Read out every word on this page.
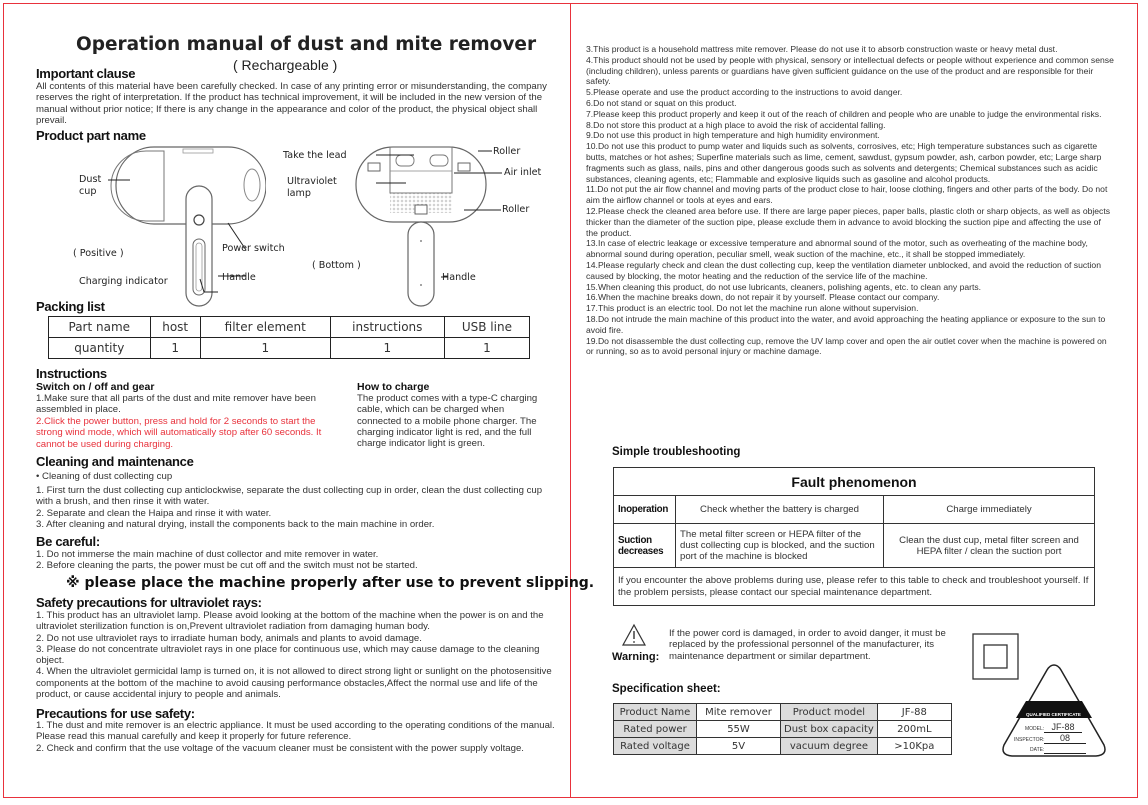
Operation manual of dust and mite remover
( Rechargeable )
Important clause
All contents of this material have been carefully checked. In case of any printing error or misunderstanding, the company reserves the right of interpretation. If the product has technical improvement, it will be included in the new version of the manual without prior notice; If there is any change in the appearance and color of the product, the physical object shall prevail.
Product part name
Dust
cup
Power switch
Handle
Charging indicator
( Positive )
Take the lead	Roller
Air inlet
Ultraviolet
lamp
Roller
Handle
( Bottom )
Packing list
Part name	host	filter element	instructions	USB line
quantity	1	1	1	1
Instructions
Switch on / off and gear
1.Make sure that all parts of the dust and mite remover have been assembled in place.
2.Click the power button, press and hold for 2 seconds to start the strong wind mode, which will automatically stop after 60 seconds. It cannot be used during charging.
How to charge
The product comes with a type-C charging cable, which can be charged when connected to a mobile phone charger. The charging indicator light is red, and the full charge indicator light is green.
Cleaning and maintenance
• Cleaning of dust collecting cup
1. First turn the dust collecting cup anticlockwise, separate the dust collecting cup in order, clean the dust collecting cup with a brush, and then rinse it with water.
2. Separate and clean the Haipa and rinse it with water.
3. After cleaning and natural drying, install the components back to the main machine in order.
Be careful:
1. Do not immerse the main machine of dust collector and mite remover in water.
2. Before cleaning the parts, the power must be cut off and the switch must not be started.
※ please place the machine properly after use to prevent slipping.
Safety precautions for ultraviolet rays:
1. This product has an ultraviolet lamp. Please avoid looking at the bottom of the machine when the power is on and the ultraviolet sterilization function is on,Prevent ultraviolet radiation from damaging human body.
2. Do not use ultraviolet rays to irradiate human body, animals and plants to avoid damage.
3. Please do not concentrate ultraviolet rays in one place for continuous use, which may cause damage to the cleaning object.
4. When the ultraviolet germicidal lamp is turned on, it is not allowed to direct strong light or sunlight on the photosensitive components at the bottom of the machine to avoid causing performance obstacles,Affect the normal use and life of the product, or cause accidental injury to people and animals.
Precautions for use safety:
1. The dust and mite remover is an electric appliance. It must be used according to the operating conditions of the manual. Please read this manual carefully and keep it properly for future reference.
2. Check and confirm that the use voltage of the vacuum cleaner must be consistent with the power supply voltage.
3.This product is a household mattress mite remover. Please do not use it to absorb construction waste or heavy metal dust.
4.This product should not be used by people with physical, sensory or intellectual defects or people without experience and common sense (including children), unless parents or guardians have given sufficient guidance on the use of the product and are responsible for their safety.
5.Please operate and use the product according to the instructions to avoid danger.
6.Do not stand or squat on this product.
7.Please keep this product properly and keep it out of the reach of children and people who are unable to judge the environmental risks.
8.Do not store this product at a high place to avoid the risk of accidental falling.
9.Do not use this product in high temperature and high humidity environment.
10.Do not use this product to pump water and liquids such as solvents, corrosives, etc; High temperature substances such as cigarette butts, matches or hot ashes; Superfine materials such as lime, cement, sawdust, gypsum powder, ash, carbon powder, etc; Large sharp fragments such as glass, nails, pins and other dangerous goods such as solvents and detergents; Chemical substances such as acidic substances, cleaning agents, etc; Flammable and explosive liquids such as gasoline and alcohol products.
11.Do not put the air flow channel and moving parts of the product close to hair, loose clothing, fingers and other parts of the body. Do not aim the airflow channel or tools at eyes and ears.
12.Please check the cleaned area before use. If there are large paper pieces, paper balls, plastic cloth or sharp objects, as well as objects thicker than the diameter of the suction pipe, please exclude them in advance to avoid blocking the suction pipe and affecting the use of the product.
13.In case of electric leakage or excessive temperature and abnormal sound of the motor, such as overheating of the machine body, abnormal sound during operation, peculiar smell, weak suction of the machine, etc., it shall be stopped immediately.
14.Please regularly check and clean the dust collecting cup, keep the ventilation diameter unblocked, and avoid the reduction of suction caused by blocking, the motor heating and the reduction of the service life of the machine.
15.When cleaning this product, do not use lubricants, cleaners, polishing agents, etc. to clean any parts.
16.When the machine breaks down, do not repair it by yourself. Please contact our company.
17.This product is an electric tool. Do not let the machine run alone without supervision.
18.Do not intrude the main machine of this product into the water, and avoid approaching the heating appliance or exposure to the sun to avoid fire.
19.Do not disassemble the dust collecting cup, remove the UV lamp cover and open the air outlet cover when the machine is powered on or running, so as to avoid personal injury or machine damage.
Simple troubleshooting
Fault phenomenon		
Inoperation	Check whether the battery is charged	Charge immediately
Suction decreases	The metal filter screen or HEPA filter of the dust collecting cup is blocked, and the suction port of the machine is blocked	Clean the dust cup, metal filter screen and HEPA filter / clean the suction port
If you encounter the above problems during use, please refer to this table to check and troubleshoot yourself. If the problem persists, please contact our special maintenance department.		
Warning:
If the power cord is damaged, in order to avoid danger, it must be replaced by the professional personnel of the manufacturer, its maintenance department or similar department.
Specification sheet:
Product Name	Mite remover	Product model	JF-88
Rated power	55W	Dust box capacity	200mL
Rated voltage	5V	vacuum degree	>10Kpa
QUALIFIED CERTIFICATE
MODEL: JF-88
INSPECTOR:	08
DATE:
